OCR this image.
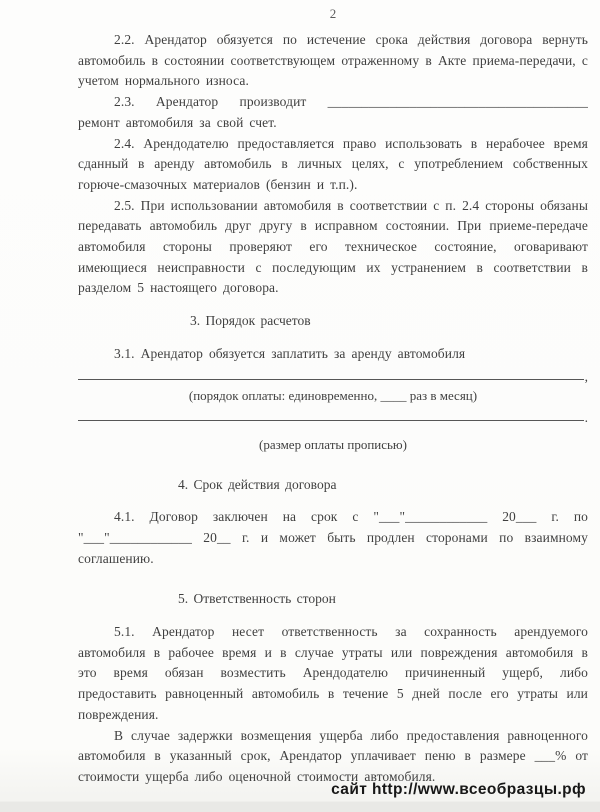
2

2.2. Арендатор обязуется по истечение срока действия договора вернуть автомобиль в состоянии соответствующем отраженному в Акте приема-передачи, с учетом нормального износа.

2.3. Арендатор производит ______________________________________ ремонт автомобиля за свой счет.

2.4. Арендодателю предоставляется право использовать в нерабочее время сданный в аренду автомобиль в личных целях, с употреблением собственных горюче-смазочных материалов (бензин и т.п.).

2.5. При использовании автомобиля в соответствии с п. 2.4 стороны обязаны передавать автомобиль друг другу в исправном состоянии. При приеме-передаче автомобиля стороны проверяют его техническое состояние, оговаривают имеющиеся неисправности с последующим их устранением в соответствии в разделом 5 настоящего договора.

3. Порядок расчетов

3.1. Арендатор обязуется заплатить за аренду автомобиля

,

(порядок оплаты: единовременно, ____ раз в месяц)

.

(размер оплаты прописью)

4. Срок действия договора

4.1. Договор заключен на срок с "___"____________ 20___ г. по "___"____________ 20__ г. и может быть продлен сторонами по взаимному соглашению.

5. Ответственность сторон

5.1. Арендатор несет ответственность за сохранность арендуемого автомобиля в рабочее время и в случае утраты или повреждения автомобиля в это время обязан возместить Арендодателю причиненный ущерб, либо предоставить равноценный автомобиль в течение 5 дней после его утраты или повреждения.

В случае задержки возмещения ущерба либо предоставления равноценного автомобиля в указанный срок, Арендатор уплачивает пеню в размере ___% от стоимости ущерба либо оценочной стоимости автомобиля.

сайт http://www.всеобразцы.рф
